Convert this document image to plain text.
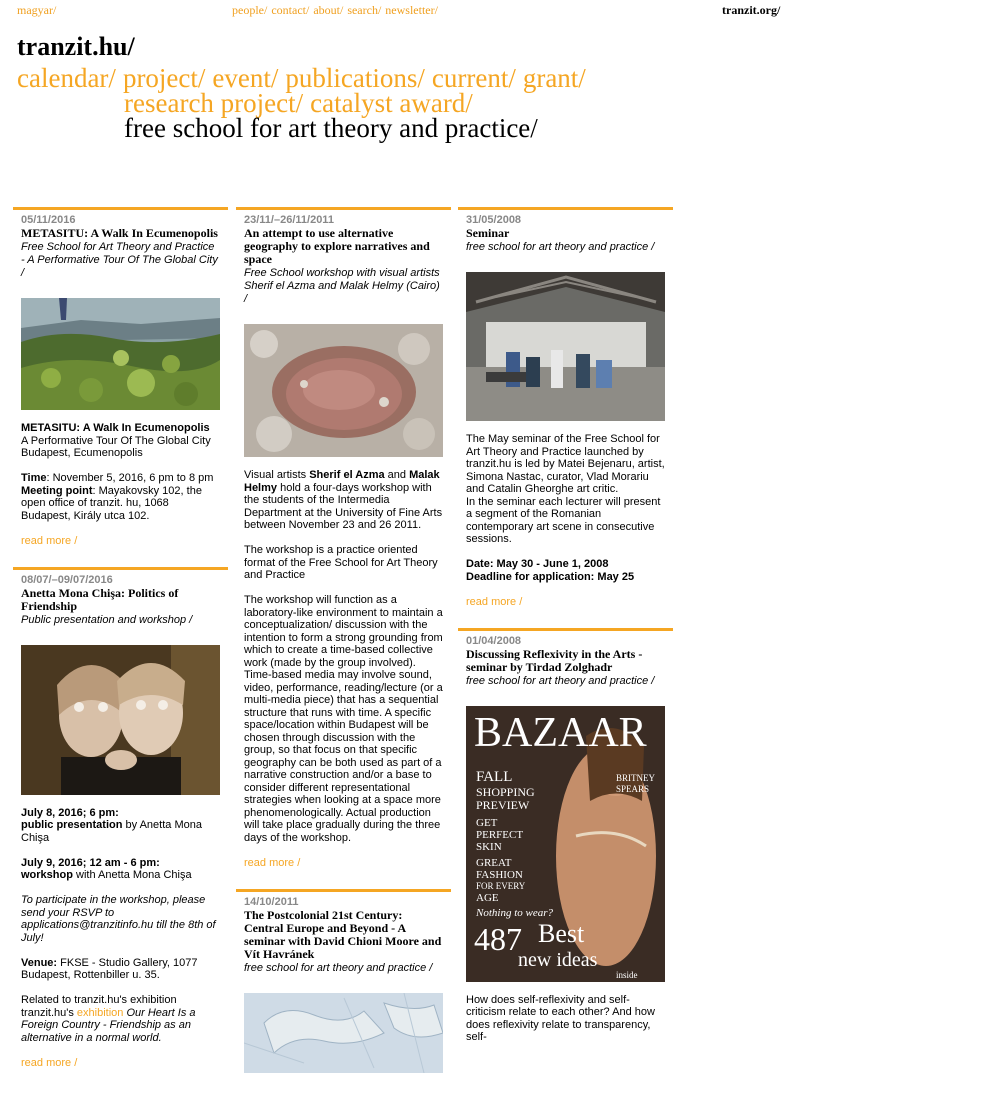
magyar/	people/ contact/ about/ search/ newsletter/	tranzit.org/
tranzit.hu/
calendar/ project/ event/ publications/ current/ grant/
research project/ catalyst award/
free school for art theory and practice/
05/11/2016
METASITU: A Walk In Ecumenopolis
Free School for Art Theory and Practice - A Performative Tour Of The Global City /

METASITU: A Walk In Ecumenopolis
A Performative Tour Of The Global City
Budapest, Ecumenopolis

Time: November 5, 2016, 6 pm to 8 pm
Meeting point: Mayakovsky 102, the open office of tranzit. hu, 1068 Budapest, Király utca 102.

read more /
08/07/–09/07/2016
Anetta Mona Chişa: Politics of Friendship
Public presentation and workshop /

July 8, 2016; 6 pm:
public presentation by Anetta Mona Chişa

July 9, 2016; 12 am - 6 pm:
workshop with Anetta Mona Chişa

To participate in the workshop, please send your RSVP to applications@tranzitinfo.hu till the 8th of July!

Venue: FKSE - Studio Gallery, 1077 Budapest, Rottenbiller u. 35.

Related to tranzit.hu's exhibition tranzit.hu's exhibition Our Heart Is a Foreign Country - Friendship as an alternative in a normal world.

read more /
23/11/–26/11/2011
An attempt to use alternative geography to explore narratives and space
Free School workshop with visual artists Sherif el Azma and Malak Helmy (Cairo) /

Visual artists Sherif el Azma and Malak Helmy hold a four-days workshop with the students of the Intermedia Department at the University of Fine Arts between November 23 and 26 2011.

The workshop is a practice oriented format of the Free School for Art Theory and Practice

The workshop will function as a laboratory-like environment to maintain a conceptualization/ discussion with the intention to form a strong grounding from which to create a time-based collective work (made by the group involved). Time-based media may involve sound, video, performance, reading/lecture (or a multi-media piece) that has a sequential structure that runs with time. A specific space/location within Budapest will be chosen through discussion with the group, so that focus on that specific geography can be both used as part of a narrative construction and/or a base to consider different representational strategies when looking at a space more phenomenologically. Actual production will take place gradually during the three days of the workshop.

read more /
14/10/2011
The Postcolonial 21st Century: Central Europe and Beyond - A seminar with David Chioni Moore and Vít Havránek
free school for art theory and practice /
31/05/2008
Seminar
free school for art theory and practice /

The May seminar of the Free School for Art Theory and Practice launched by tranzit.hu is led by Matei Bejenaru, artist, Simona Nastac, curator, Vlad Morariu and Catalin Gheorghe art critic.
In the seminar each lecturer will present a segment of the Romanian contemporary art scene in consecutive sessions.

Date: May 30 - June 1, 2008
Deadline for application: May 25

read more /
01/04/2008
Discussing Reflexivity in the Arts - seminar by Tirdad Zolghadr
free school for art theory and practice /
BAZAAR
FALL
SHOPPING
PREVIEW
GET
PERFECT
SKIN
GREAT
FASHION
FOR EVERY
AGE
Nothing to wear?
487 Best
new ideas
inside
BRITNEY
SPEARS

How does self-reflexivity and self-criticism relate to each other? And how does reflexivity relate to transparency, self-
